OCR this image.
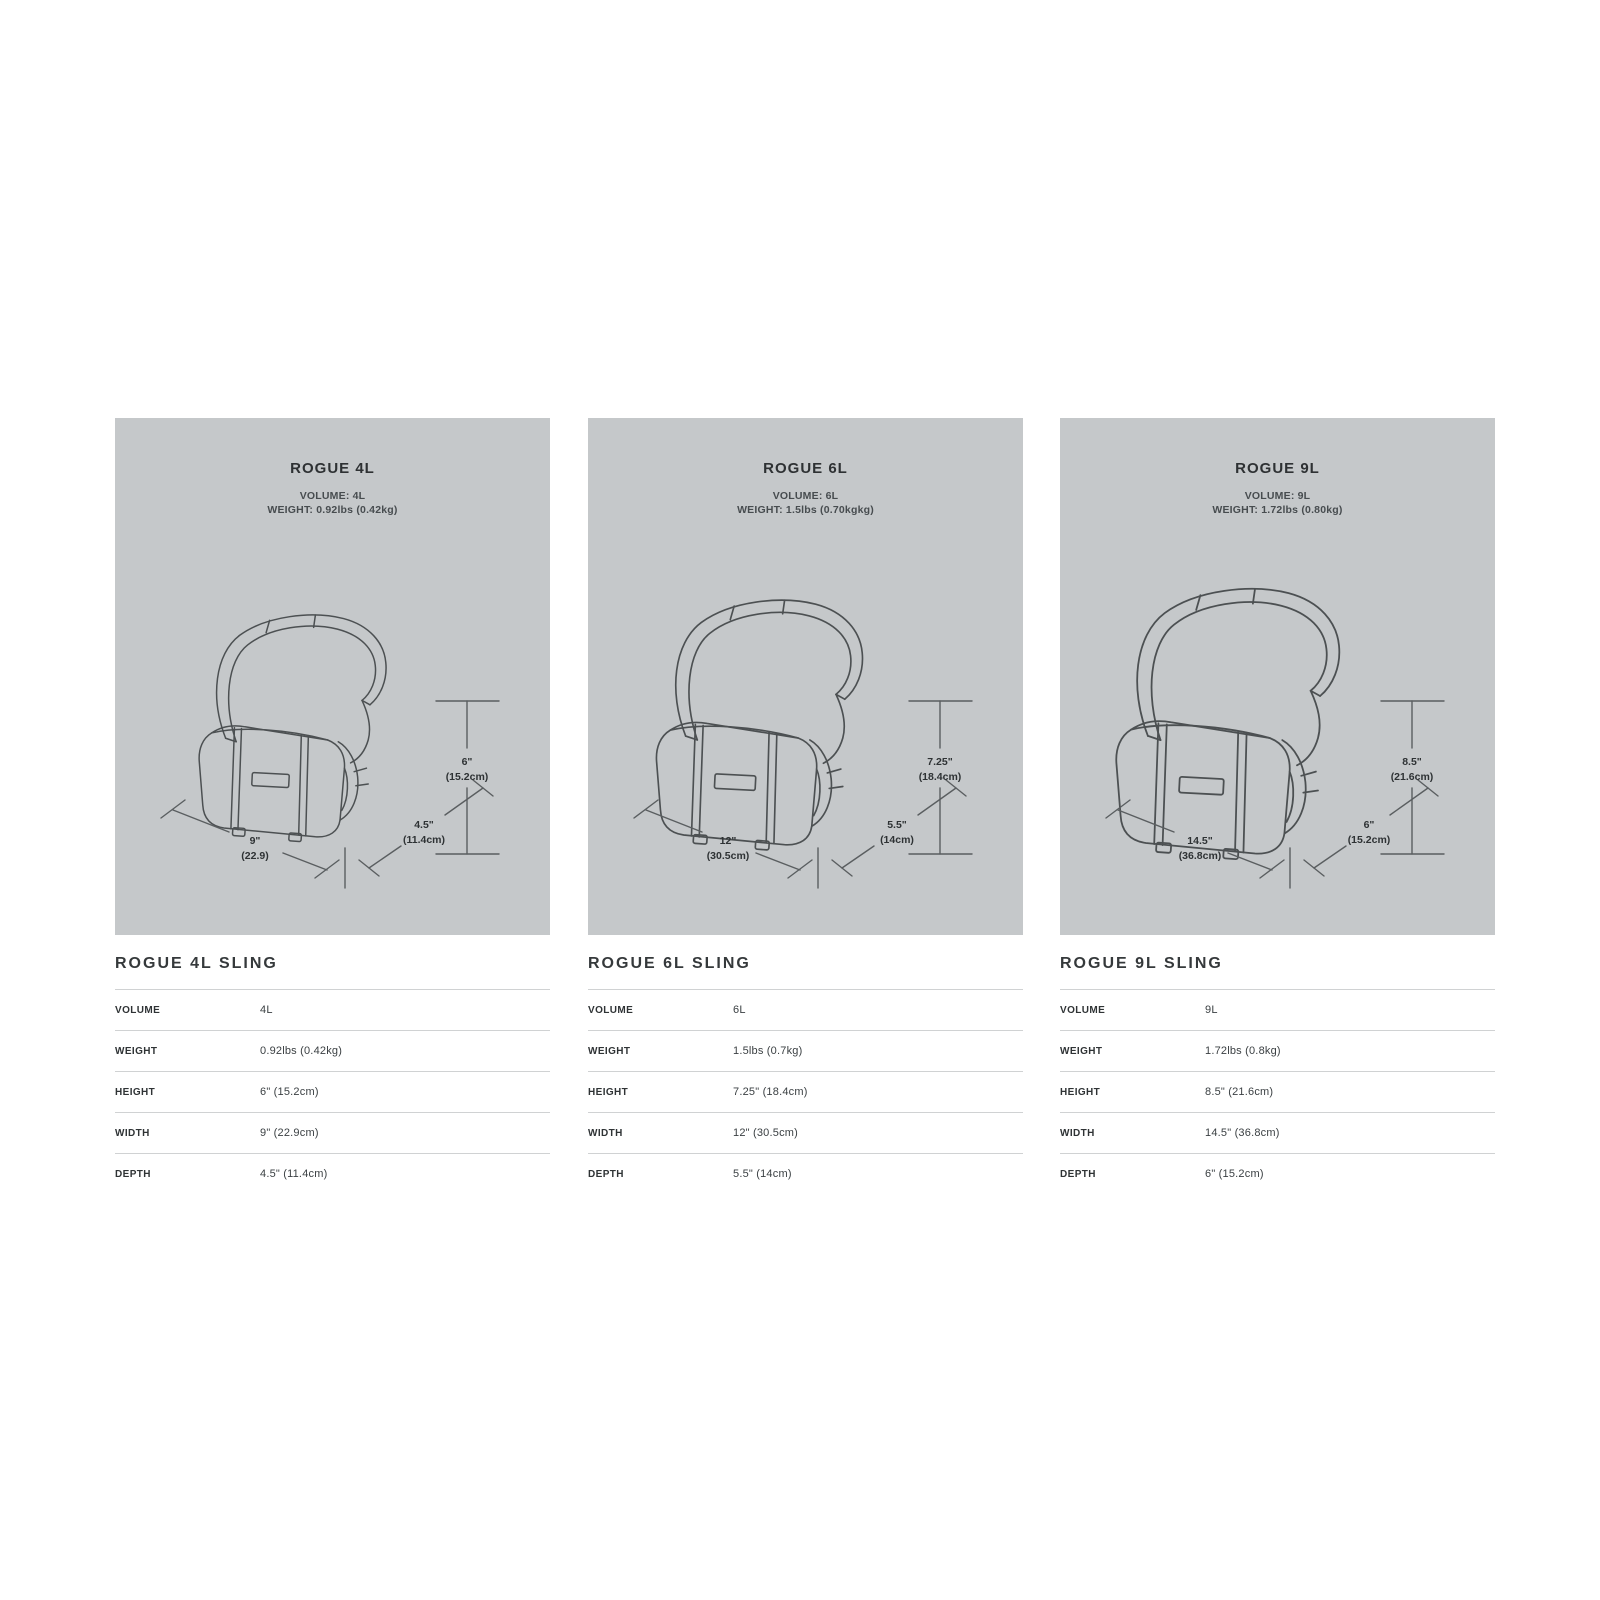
ROGUE 4L
VOLUME: 4L
WEIGHT: 0.92lbs (0.42kg)
6"
(15.2cm)
9"
(22.9)
4.5"
(11.4cm)
ROGUE 4L SLING
VOLUME	4L
WEIGHT	0.92lbs (0.42kg)
HEIGHT	6" (15.2cm)
WIDTH	9" (22.9cm)
DEPTH	4.5" (11.4cm)
ROGUE 6L
VOLUME: 6L
WEIGHT: 1.5lbs (0.70kgkg)
7.25"
(18.4cm)
12"
(30.5cm)
5.5"
(14cm)
ROGUE 6L SLING
VOLUME	6L
WEIGHT	1.5lbs (0.7kg)
HEIGHT	7.25" (18.4cm)
WIDTH	12" (30.5cm)
DEPTH	5.5" (14cm)
ROGUE 9L
VOLUME: 9L
WEIGHT: 1.72lbs (0.80kg)
8.5"
(21.6cm)
14.5"
(36.8cm)
6"
(15.2cm)
ROGUE 9L SLING
VOLUME	9L
WEIGHT	1.72lbs (0.8kg)
HEIGHT	8.5" (21.6cm)
WIDTH	14.5" (36.8cm)
DEPTH	6" (15.2cm)
